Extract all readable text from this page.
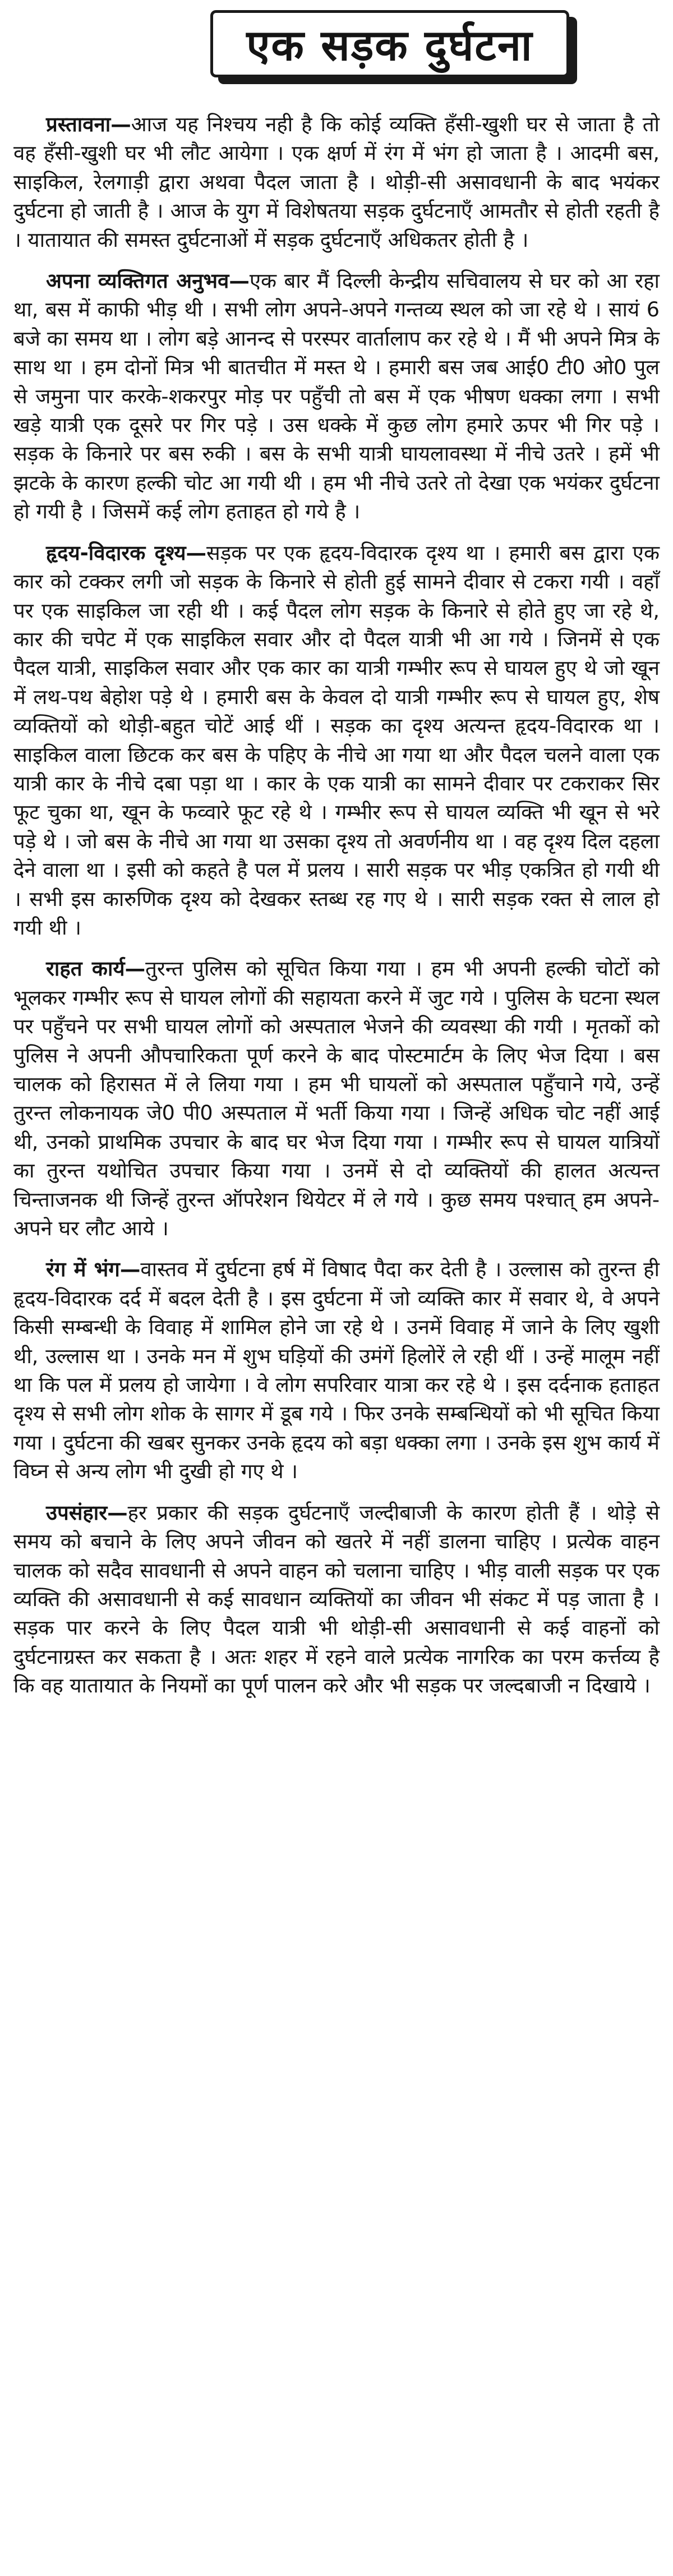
एक सड़क दुर्घटना

प्रस्तावना—आज यह निश्चय नही है कि कोई व्यक्ति हँसी-खुशी घर से जाता है तो वह हँसी-खुशी घर भी लौट आयेगा । एक क्षर्ण में रंग में भंग हो जाता है । आदमी बस, साइकिल, रेलगाड़ी द्वारा अथवा पैदल जाता है । थोड़ी-सी असावधानी के बाद भयंकर दुर्घटना हो जाती है । आज के युग में विशेषतया सड़क दुर्घटनाएँ आमतौर से होती रहती है । यातायात की समस्त दुर्घटनाओं में सड़क दुर्घटनाएँ अधिकतर होती है ।

अपना व्यक्तिगत अनुभव—एक बार मैं दिल्ली केन्द्रीय सचिवालय से घर को आ रहा था, बस में काफी भीड़ थी । सभी लोग अपने-अपने गन्तव्य स्थल को जा रहे थे । सायं 6 बजे का समय था । लोग बड़े आनन्द से परस्पर वार्तालाप कर रहे थे । मैं भी अपने मित्र के साथ था । हम दोनों मित्र भी बातचीत में मस्त थे । हमारी बस जब आई0 टी0 ओ0 पुल से जमुना पार करके-शकरपुर मोड़ पर पहुँची तो बस में एक भीषण धक्का लगा । सभी खड़े यात्री एक दूसरे पर गिर पड़े । उस धक्के में कुछ लोग हमारे ऊपर भी गिर पड़े । सड़क के किनारे पर बस रुकी । बस के सभी यात्री घायलावस्था में नीचे उतरे । हमें भी झटके के कारण हल्की चोट आ गयी थी । हम भी नीचे उतरे तो देखा एक भयंकर दुर्घटना हो गयी है । जिसमें कई लोग हताहत हो गये है ।

हृदय-विदारक दृश्य—सड़क पर एक हृदय-विदारक दृश्य था । हमारी बस द्वारा एक कार को टक्कर लगी जो सड़क के किनारे से होती हुई सामने दीवार से टकरा गयी । वहाँ पर एक साइकिल जा रही थी । कई पैदल लोग सड़क के किनारे से होते हुए जा रहे थे, कार की चपेट में एक साइकिल सवार और दो पैदल यात्री भी आ गये । जिनमें से एक पैदल यात्री, साइकिल सवार और एक कार का यात्री गम्भीर रूप से घायल हुए थे जो खून में लथ-पथ बेहोश पड़े थे । हमारी बस के केवल दो यात्री गम्भीर रूप से घायल हुए, शेष व्यक्तियों को थोड़ी-बहुत चोटें आई थीं । सड़क का दृश्य अत्यन्त हृदय-विदारक था । साइकिल वाला छिटक कर बस के पहिए के नीचे आ गया था और पैदल चलने वाला एक यात्री कार के नीचे दबा पड़ा था । कार के एक यात्री का सामने दीवार पर टकराकर सिर फूट चुका था, खून के फव्वारे फूट रहे थे । गम्भीर रूप से घायल व्यक्ति भी खून से भरे पड़े थे । जो बस के नीचे आ गया था उसका दृश्य तो अवर्णनीय था । वह दृश्य दिल दहला देने वाला था । इसी को कहते है पल में प्रलय । सारी सड़क पर भीड़ एकत्रित हो गयी थी । सभी इस कारुणिक दृश्य को देखकर स्तब्ध रह गए थे । सारी सड़क रक्त से लाल हो गयी थी ।

राहत कार्य—तुरन्त पुलिस को सूचित किया गया । हम भी अपनी हल्की चोटों को भूलकर गम्भीर रूप से घायल लोगों की सहायता करने में जुट गये । पुलिस के घटना स्थल पर पहुँचने पर सभी घायल लोगों को अस्पताल भेजने की व्यवस्था की गयी । मृतकों को पुलिस ने अपनी औपचारिकता पूर्ण करने के बाद पोस्टमार्टम के लिए भेज दिया । बस चालक को हिरासत में ले लिया गया । हम भी घायलों को अस्पताल पहुँचाने गये, उन्हें तुरन्त लोकनायक जे0 पी0 अस्पताल में भर्ती किया गया । जिन्हें अधिक चोट नहीं आई थी, उनको प्राथमिक उपचार के बाद घर भेज दिया गया । गम्भीर रूप से घायल यात्रियों का तुरन्त यथोचित उपचार किया गया । उनमें से दो व्यक्तियों की हालत अत्यन्त चिन्ताजनक थी जिन्हें तुरन्त ऑपरेशन थियेटर में ले गये । कुछ समय पश्चात् हम अपने-अपने घर लौट आये ।

रंग में भंग—वास्तव में दुर्घटना हर्ष में विषाद पैदा कर देती है । उल्लास को तुरन्त ही हृदय-विदारक दर्द में बदल देती है । इस दुर्घटना में जो व्यक्ति कार में सवार थे, वे अपने किसी सम्बन्धी के विवाह में शामिल होने जा रहे थे । उनमें विवाह में जाने के लिए खुशी थी, उल्लास था । उनके मन में शुभ घड़ियों की उमंगें हिलोरें ले रही थीं । उन्हें मालूम नहीं था कि पल में प्रलय हो जायेगा । वे लोग सपरिवार यात्रा कर रहे थे । इस दर्दनाक हताहत दृश्य से सभी लोग शोक के सागर में डूब गये । फिर उनके सम्बन्धियों को भी सूचित किया गया । दुर्घटना की खबर सुनकर उनके हृदय को बड़ा धक्का लगा । उनके इस शुभ कार्य में विघ्न से अन्य लोग भी दुखी हो गए थे ।

उपसंहार—हर प्रकार की सड़क दुर्घटनाएँ जल्दीबाजी के कारण होती हैं । थोड़े से समय को बचाने के लिए अपने जीवन को खतरे में नहीं डालना चाहिए । प्रत्येक वाहन चालक को सदैव सावधानी से अपने वाहन को चलाना चाहिए । भीड़ वाली सड़क पर एक व्यक्ति की असावधानी से कई सावधान व्यक्तियों का जीवन भी संकट में पड़ जाता है । सड़क पार करने के लिए पैदल यात्री भी थोड़ी-सी असावधानी से कई वाहनों को दुर्घटनाग्रस्त कर सकता है । अतः शहर में रहने वाले प्रत्येक नागरिक का परम कर्त्तव्य है कि वह यातायात के नियमों का पूर्ण पालन करे और भी सड़क पर जल्दबाजी न दिखाये ।
